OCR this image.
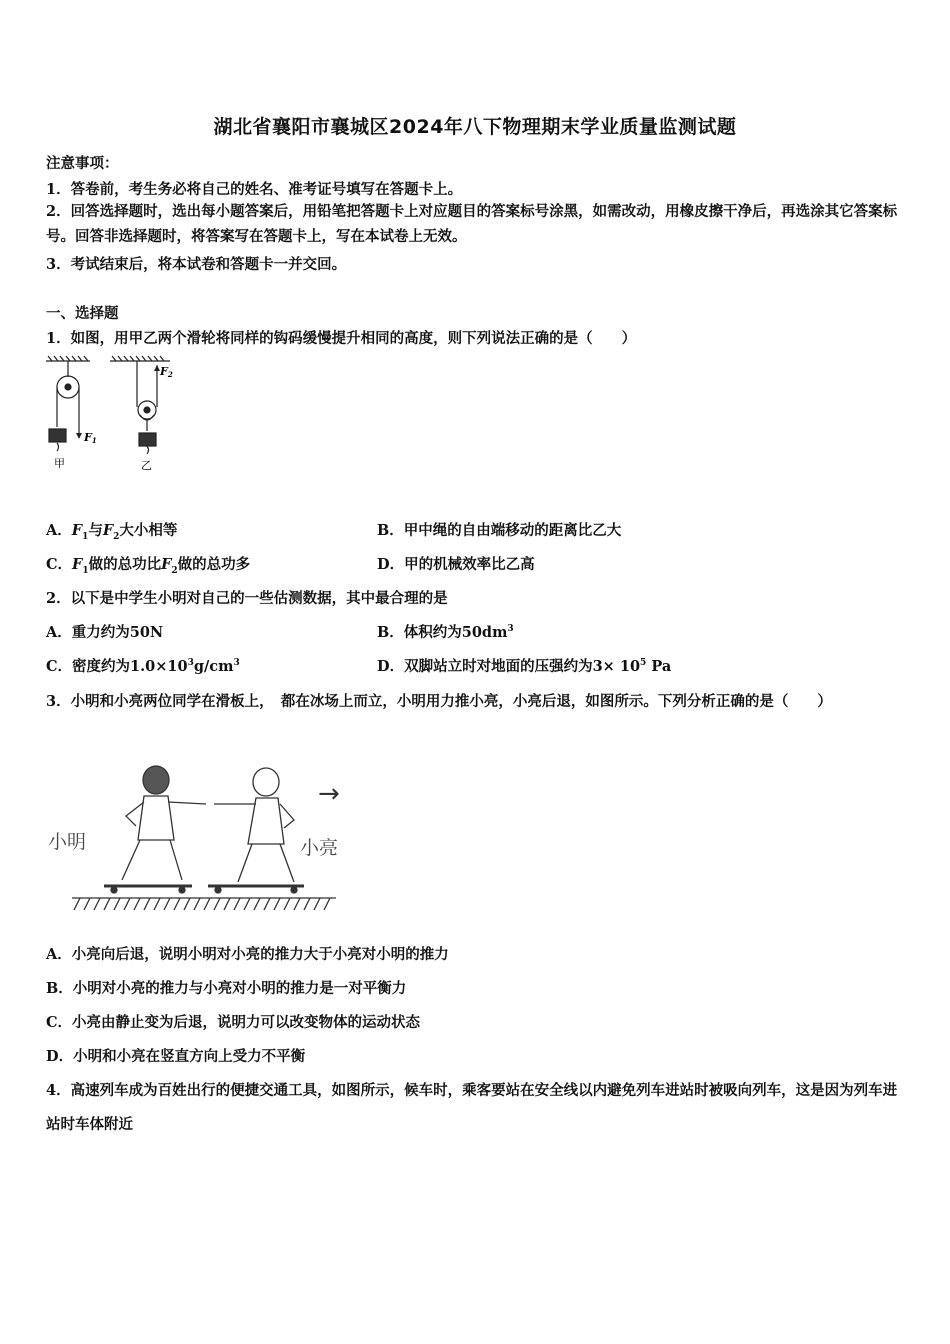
湖北省襄阳市襄城区2024年八下物理期末学业质量监测试题
注意事项：
1．答卷前，考生务必将自己的姓名、准考证号填写在答题卡上。
2．回答选择题时，选出每小题答案后，用铅笔把答题卡上对应题目的答案标号涂黑，如需改动，用橡皮擦干净后，再选涂其它答案标号。回答非选择题时，将答案写在答题卡上，写在本试卷上无效。
3．考试结束后，将本试卷和答题卡一并交回。
一、选择题
1．如图，用甲乙两个滑轮将同样的钩码缓慢提升相同的高度，则下列说法正确的是（　　）
F1
甲
F2
乙
A．$F_1$与$F_2$大小相等	B．甲中绳的自由端移动的距离比乙大
C．$F_1$做的总功比$F_2$做的总功多	D．甲的机械效率比乙高
2．以下是中学生小明对自己的一些估测数据，其中最合理的是
A．重力约为50N	B．体积约为$50dm^3$
C．密度约为$1.0\times 10^3g/cm^3$	D．双脚站立时对地面的压强约为$3\times 10^5$ Pa
3．小明和小亮两位同学在滑板上，　都在冰场上而立，小明用力推小亮，小亮后退，如图所示。下列分析正确的是（　　）
小明	小亮
→
A．小亮向后退，说明小明对小亮的推力大于小亮对小明的推力
B．小明对小亮的推力与小亮对小明的推力是一对平衡力
C．小亮由静止变为后退，说明力可以改变物体的运动状态
D．小明和小亮在竖直方向上受力不平衡
4．高速列车成为百姓出行的便捷交通工具，如图所示，候车时，乘客要站在安全线以内避免列车进站时被吸向列车，这是因为列车进站时车体附近
